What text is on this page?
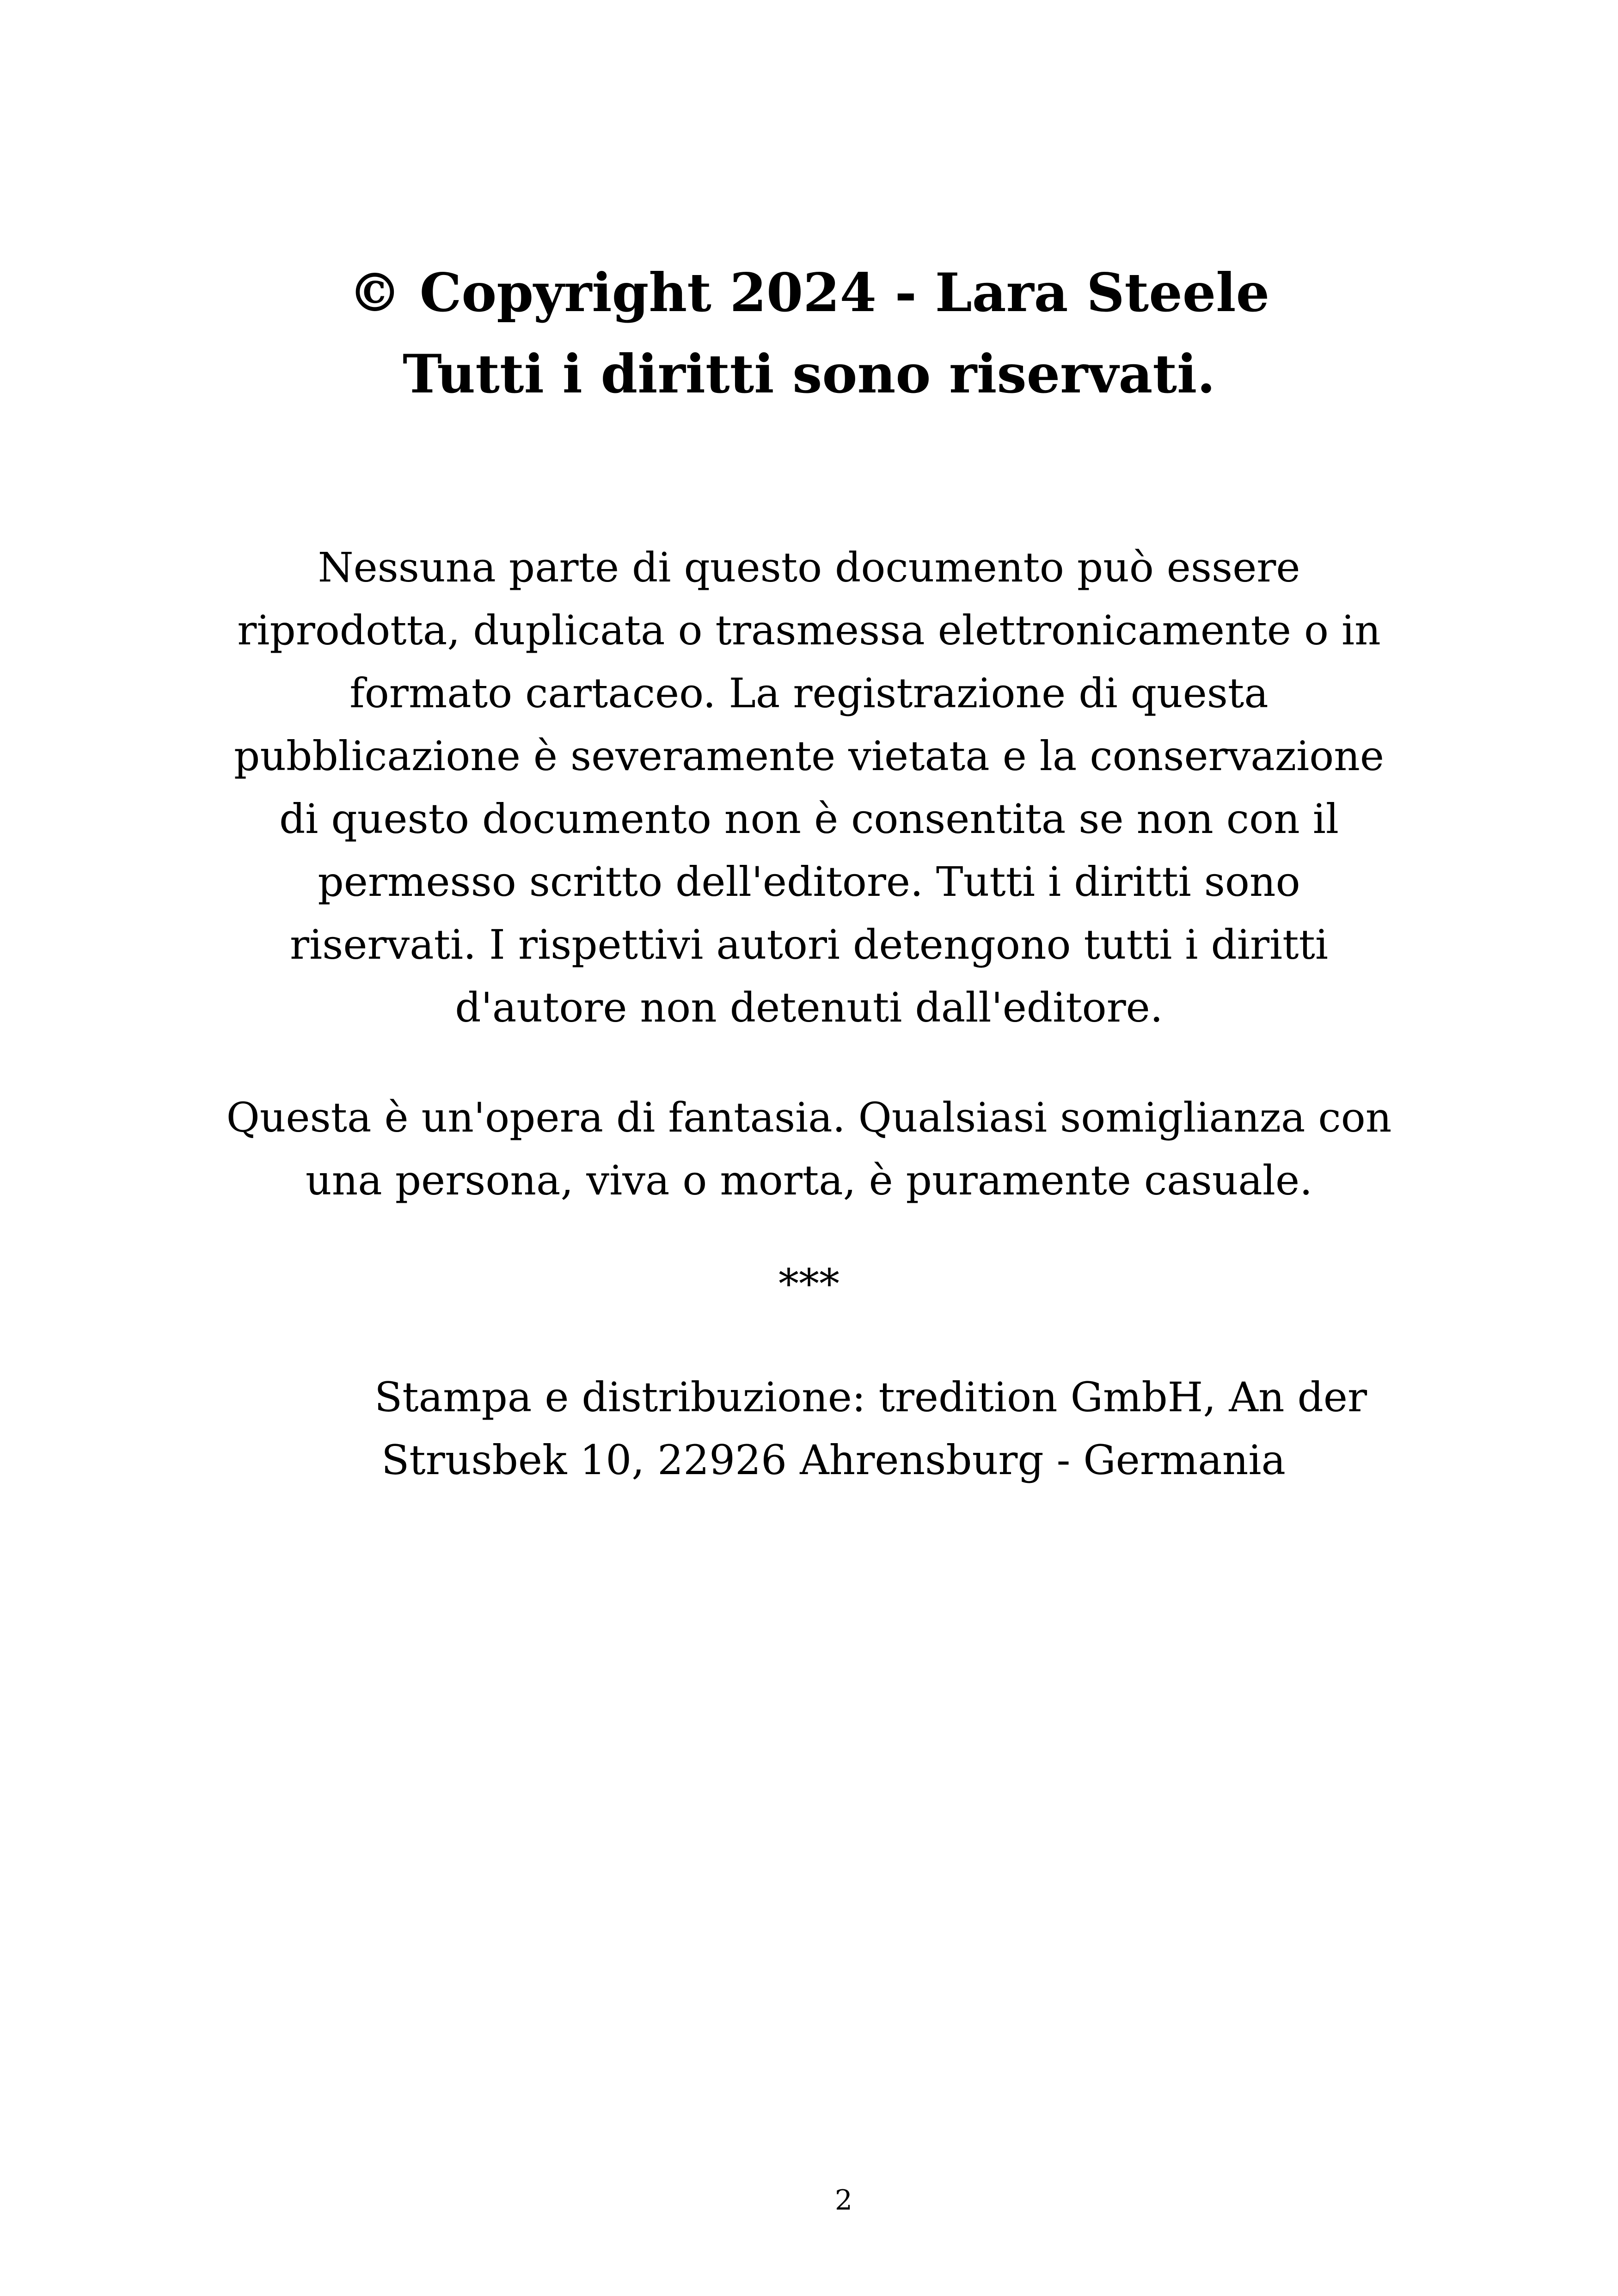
© Copyright 2024 - Lara Steele
Tutti i diritti sono riservati.
Nessuna parte di questo documento può essere
riprodotta, duplicata o trasmessa elettronicamente o in
formato cartaceo. La registrazione di questa
pubblicazione è severamente vietata e la conservazione
di questo documento non è consentita se non con il
permesso scritto dell'editore. Tutti i diritti sono
riservati. I rispettivi autori detengono tutti i diritti
d'autore non detenuti dall'editore.
Questa è un'opera di fantasia. Qualsiasi somiglianza con
una persona, viva o morta, è puramente casuale.
***
Stampa e distribuzione: tredition GmbH, An der
Strusbek 10, 22926 Ahrensburg - Germania
2
